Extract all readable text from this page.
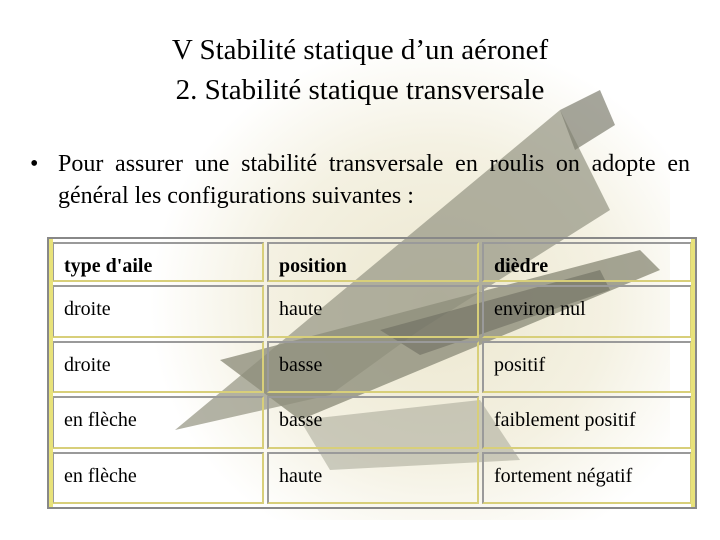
V Stabilité statique d’un aéronef
2. Stabilité statique transversale
• Pour assurer une stabilité transversale en roulis on adopte en général les configurations suivantes :
type d'aile	position	dièdre
droite	haute	environ nul
droite	basse	positif
en flèche	basse	faiblement positif
en flèche	haute	fortement négatif
